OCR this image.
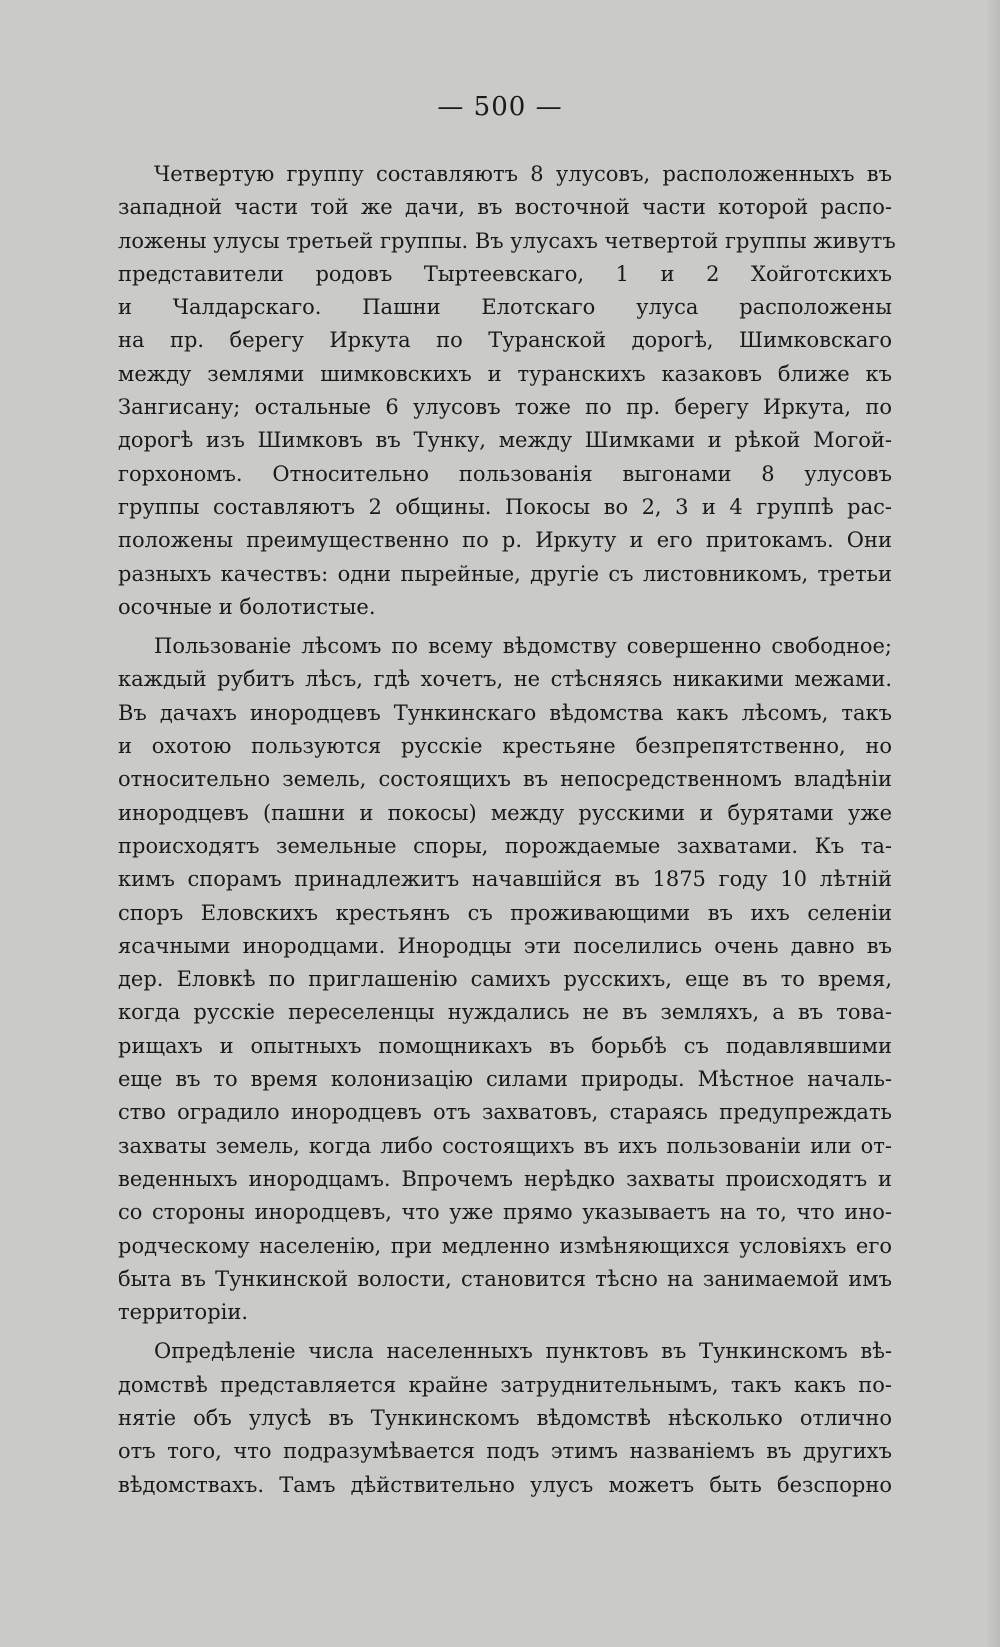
— 500 —
Четвертую группу составляютъ 8 улусовъ, расположенныхъ въ
западной части той же дачи, въ восточной части которой распо-
ложены улусы третьей группы. Въ улусахъ четвертой группы живутъ
представители родовъ Тыртеевскаго, 1 и 2 Хойготскихъ
и Чалдарскаго. Пашни Елотскаго улуса расположены
на пр. берегу Иркута по Туранской дорогѣ, Шимковскаго
между землями шимковскихъ и туранскихъ казаковъ ближе къ
Зангисану; остальные 6 улусовъ тоже по пр. берегу Иркута, по
дорогѣ изъ Шимковъ въ Тунку, между Шимками и рѣкой Могой-
горхономъ. Относительно пользованія выгонами 8 улусовъ
группы составляютъ 2 общины. Покосы во 2, 3 и 4 группѣ рас-
положены преимущественно по р. Иркуту и его притокамъ. Они
разныхъ качествъ: одни пырейные, другіе съ листовникомъ, третьи
осочные и болотистые.
Пользованіе лѣсомъ по всему вѣдомству совершенно свободное;
каждый рубитъ лѣсъ, гдѣ хочетъ, не стѣсняясь никакими межами.
Въ дачахъ инородцевъ Тункинскаго вѣдомства какъ лѣсомъ, такъ
и охотою пользуются русскіе крестьяне безпрепятственно, но
относительно земель, состоящихъ въ непосредственномъ владѣніи
инородцевъ (пашни и покосы) между русскими и бурятами уже
происходятъ земельные споры, порождаемые захватами. Къ та-
кимъ спорамъ принадлежитъ начавшійся въ 1875 году 10 лѣтній
споръ Еловскихъ крестьянъ съ проживающими въ ихъ селеніи
ясачными инородцами. Инородцы эти поселились очень давно въ
дер. Еловкѣ по приглашенію самихъ русскихъ, еще въ то время,
когда русскіе переселенцы нуждались не въ земляхъ, а въ това-
рищахъ и опытныхъ помощникахъ въ борьбѣ съ подавлявшими
еще въ то время колонизацію силами природы. Мѣстное началь-
ство оградило инородцевъ отъ захватовъ, стараясь предупреждать
захваты земель, когда либо состоящихъ въ ихъ пользованіи или от-
веденныхъ инородцамъ. Впрочемъ нерѣдко захваты происходятъ и
со стороны инородцевъ, что уже прямо указываетъ на то, что ино-
родческому населенію, при медленно измѣняющихся условіяхъ его
быта въ Тункинской волости, становится тѣсно на занимаемой имъ
территоріи.
Опредѣленіе числа населенныхъ пунктовъ въ Тункинскомъ вѣ-
домствѣ представляется крайне затруднительнымъ, такъ какъ по-
нятіе объ улусѣ въ Тункинскомъ вѣдомствѣ нѣсколько отлично
отъ того, что подразумѣвается подъ этимъ названіемъ въ другихъ
вѣдомствахъ. Тамъ дѣйствительно улусъ можетъ быть безспорно
